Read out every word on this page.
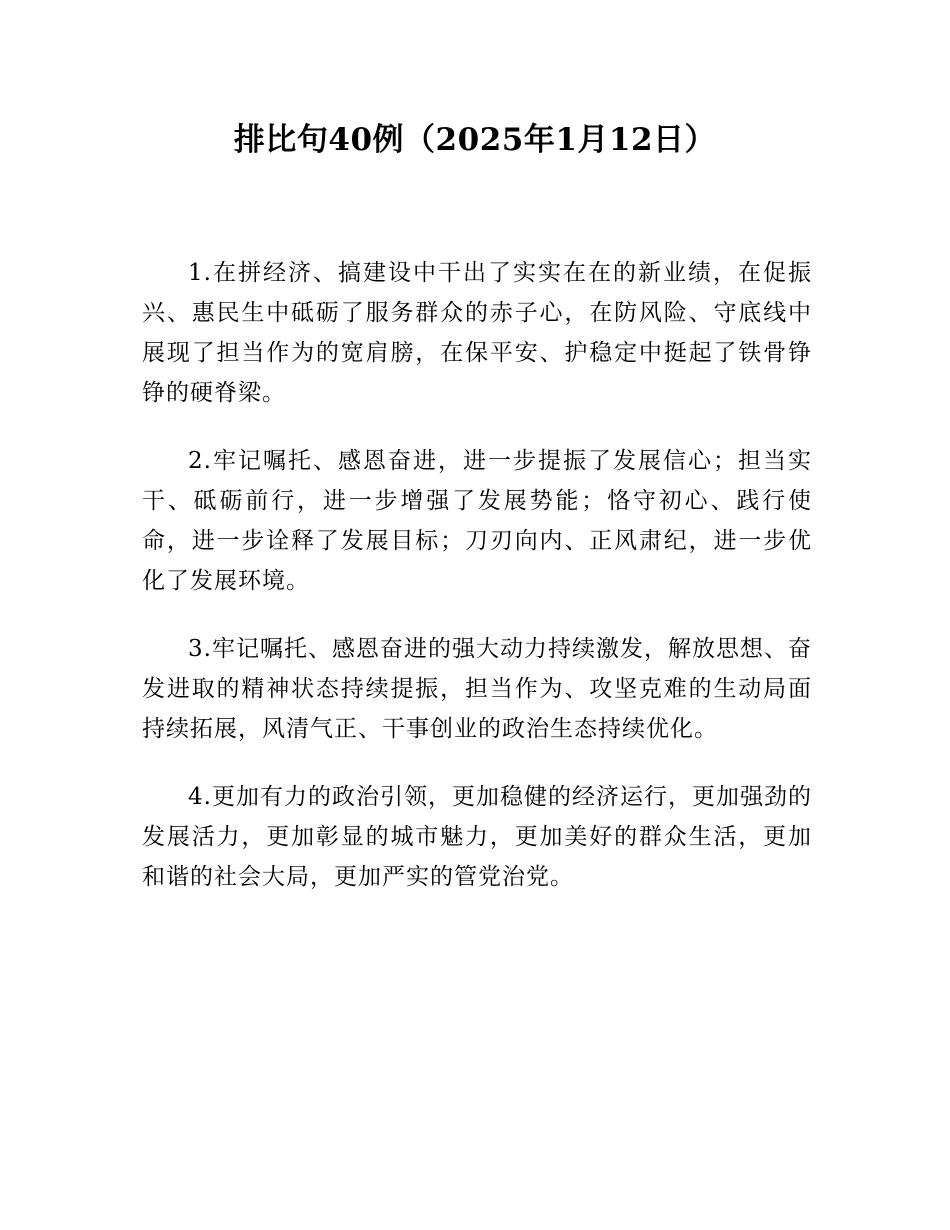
排比句40例（2025年1月12日）

1.在拼经济、搞建设中干出了实实在在的新业绩，在促振兴、惠民生中砥砺了服务群众的赤子心，在防风险、守底线中展现了担当作为的宽肩膀，在保平安、护稳定中挺起了铁骨铮铮的硬脊梁。

2.牢记嘱托、感恩奋进，进一步提振了发展信心；担当实干、砥砺前行，进一步增强了发展势能；恪守初心、践行使命，进一步诠释了发展目标；刀刃向内、正风肃纪，进一步优化了发展环境。

3.牢记嘱托、感恩奋进的强大动力持续激发，解放思想、奋发进取的精神状态持续提振，担当作为、攻坚克难的生动局面持续拓展，风清气正、干事创业的政治生态持续优化。

4.更加有力的政治引领，更加稳健的经济运行，更加强劲的发展活力，更加彰显的城市魅力，更加美好的群众生活，更加和谐的社会大局，更加严实的管党治党。
